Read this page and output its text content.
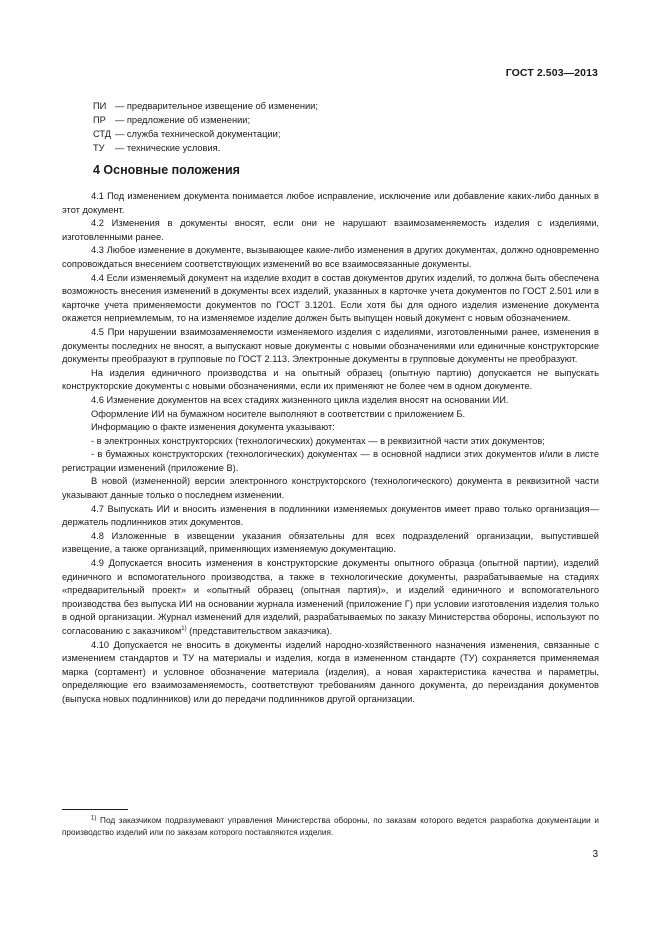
ГОСТ 2.503—2013
ПИ — предварительное извещение об изменении;
ПР — предложение об изменении;
СТД — служба технической документации;
ТУ	— технические условия.
4 Основные положения

4.1 Под изменением документа понимается любое исправление, исключение или добавление каких-либо данных в этот документ.

4.2 Изменения в документы вносят, если они не нарушают взаимозаменяемость изделия с изделиями, изготовленными ранее.

4.3 Любое изменение в документе, вызывающее какие-либо изменения в других документах, должно одновременно сопровождаться внесением соответствующих изменений во все взаимосвязанные документы.

4.4 Если изменяемый документ на изделие входит в состав документов других изделий, то должна быть обеспечена возможность внесения изменений в документы всех изделий, указанных в карточке учета документов по ГОСТ 2.501 или в карточке учета применяемости документов по ГОСТ 3.1201. Если хотя бы для одного изделия изменение документа окажется неприемлемым, то на изменяемое изделие должен быть выпущен новый документ с новым обозначением.

4.5 При нарушении взаимозаменяемости изменяемого изделия с изделиями, изготовленными ранее, изменения в документы последних не вносят, а выпускают новые документы с новыми обозначениями или единичные конструкторские документы преобразуют в групповые по ГОСТ 2.113. Электронные документы в групповые документы не преобразуют.

На изделия единичного производства и на опытный образец (опытную партию) допускается не выпускать конструкторские документы с новыми обозначениями, если их применяют не более чем в одном документе.

4.6 Изменение документов на всех стадиях жизненного цикла изделия вносят на основании ИИ.

Оформление ИИ на бумажном носителе выполняют в соответствии с приложением Б.

Информацию о факте изменения документа указывают:

- в электронных конструкторских (технологических) документах — в реквизитной части этих документов;

- в бумажных конструкторских (технологических) документах — в основной надписи этих документов и/или в листе регистрации изменений (приложение В).

В новой (измененной) версии электронного конструкторского (технологического) документа в реквизитной части указывают данные только о последнем изменении.

4.7 Выпускать ИИ и вносить изменения в подлинники изменяемых документов имеет право только организация—держатель подлинников этих документов.

4.8 Изложенные в извещении указания обязательны для всех подразделений организации, выпустившей извещение, а также организаций, применяющих изменяемую документацию.

4.9 Допускается вносить изменения в конструкторские документы опытного образца (опытной партии), изделий единичного и вспомогательного производства, а также в технологические документы, разрабатываемые на стадиях «предварительный проект» и «опытный образец (опытная партия)», и изделий единичного и вспомогательного производства без выпуска ИИ на основании журнала изменений (приложение Г) при условии изготовления изделия только в одной организации. Журнал изменений для изделий, разрабатываемых по заказу Министерства обороны, используют по согласованию с заказчиком$^{1)}$ (представительством заказчика).

4.10 Допускается не вносить в документы изделий народно-хозяйственного назначения изменения, связанные с изменением стандартов и ТУ на материалы и изделия, когда в измененном стандарте (ТУ) сохраняется применяемая марка (сортамент) и условное обозначение материала (изделия), а новая характеристика качества и параметры, определяющие его взаимозаменяемость, соответствуют требованиям данного документа, до переиздания документов (выпуска новых подлинников) или до передачи подлинников другой организации.

$^{1)}$ Под заказчиком подразумевают управления Министерства обороны, по заказам которого ведется разработка документации и производство изделий или по заказам которого поставляются изделия.
3
